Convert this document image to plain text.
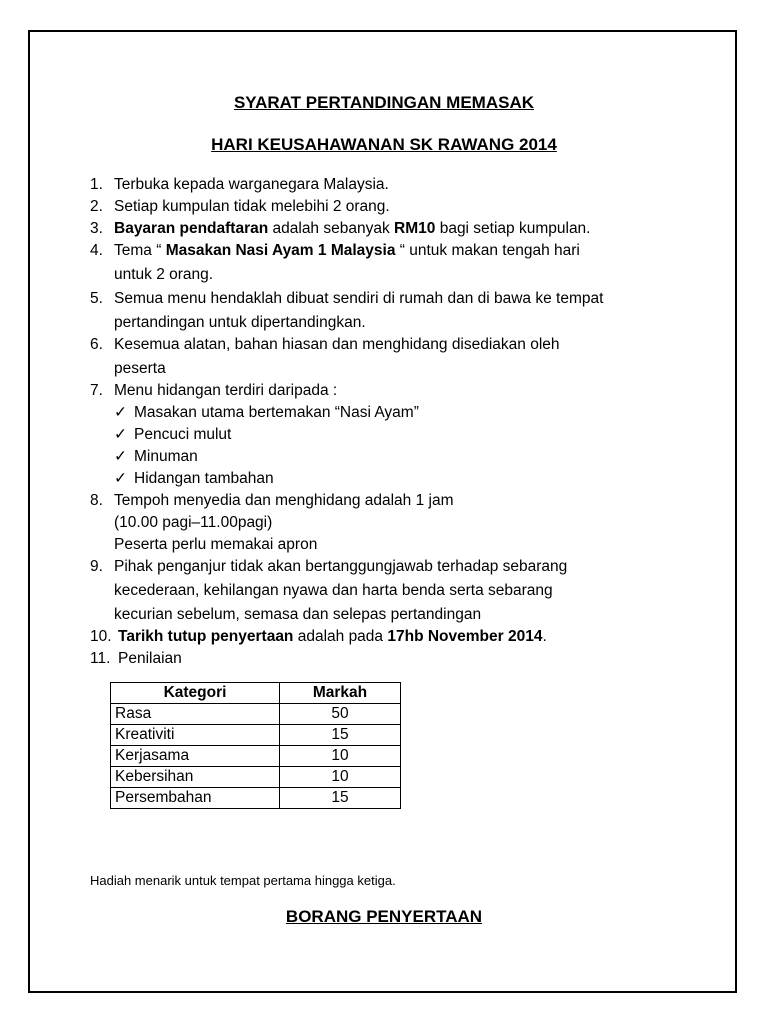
SYARAT PERTANDINGAN MEMASAK
HARI KEUSAHAWANAN SK RAWANG 2014
1. Terbuka kepada warganegara Malaysia.
2. Setiap kumpulan tidak melebihi 2 orang.
3. Bayaran pendaftaran adalah sebanyak RM10 bagi setiap kumpulan.
4. Tema “ Masakan Nasi Ayam 1 Malaysia “ untuk makan tengah hari
untuk 2 orang.
5. Semua menu hendaklah dibuat sendiri di rumah dan di bawa ke tempat
pertandingan untuk dipertandingkan.
6. Kesemua alatan, bahan hiasan dan menghidang disediakan oleh
peserta
7. Menu hidangan terdiri daripada :
✓ Masakan utama bertemakan “Nasi Ayam”
✓ Pencuci mulut
✓ Minuman
✓ Hidangan tambahan
8. Tempoh menyedia dan menghidang adalah 1 jam
(10.00 pagi–11.00pagi)
Peserta perlu memakai apron
9. Pihak penganjur tidak akan bertanggungjawab terhadap sebarang
kecederaan, kehilangan nyawa dan harta benda serta sebarang
kecurian sebelum, semasa dan selepas pertandingan
10. Tarikh tutup penyertaan adalah pada 17hb November 2014.
11. Penilaian
Kategori	Markah
Rasa	50
Kreativiti	15
Kerjasama	10
Kebersihan	10
Persembahan	15
Hadiah menarik untuk tempat pertama hingga ketiga.
BORANG PENYERTAAN
